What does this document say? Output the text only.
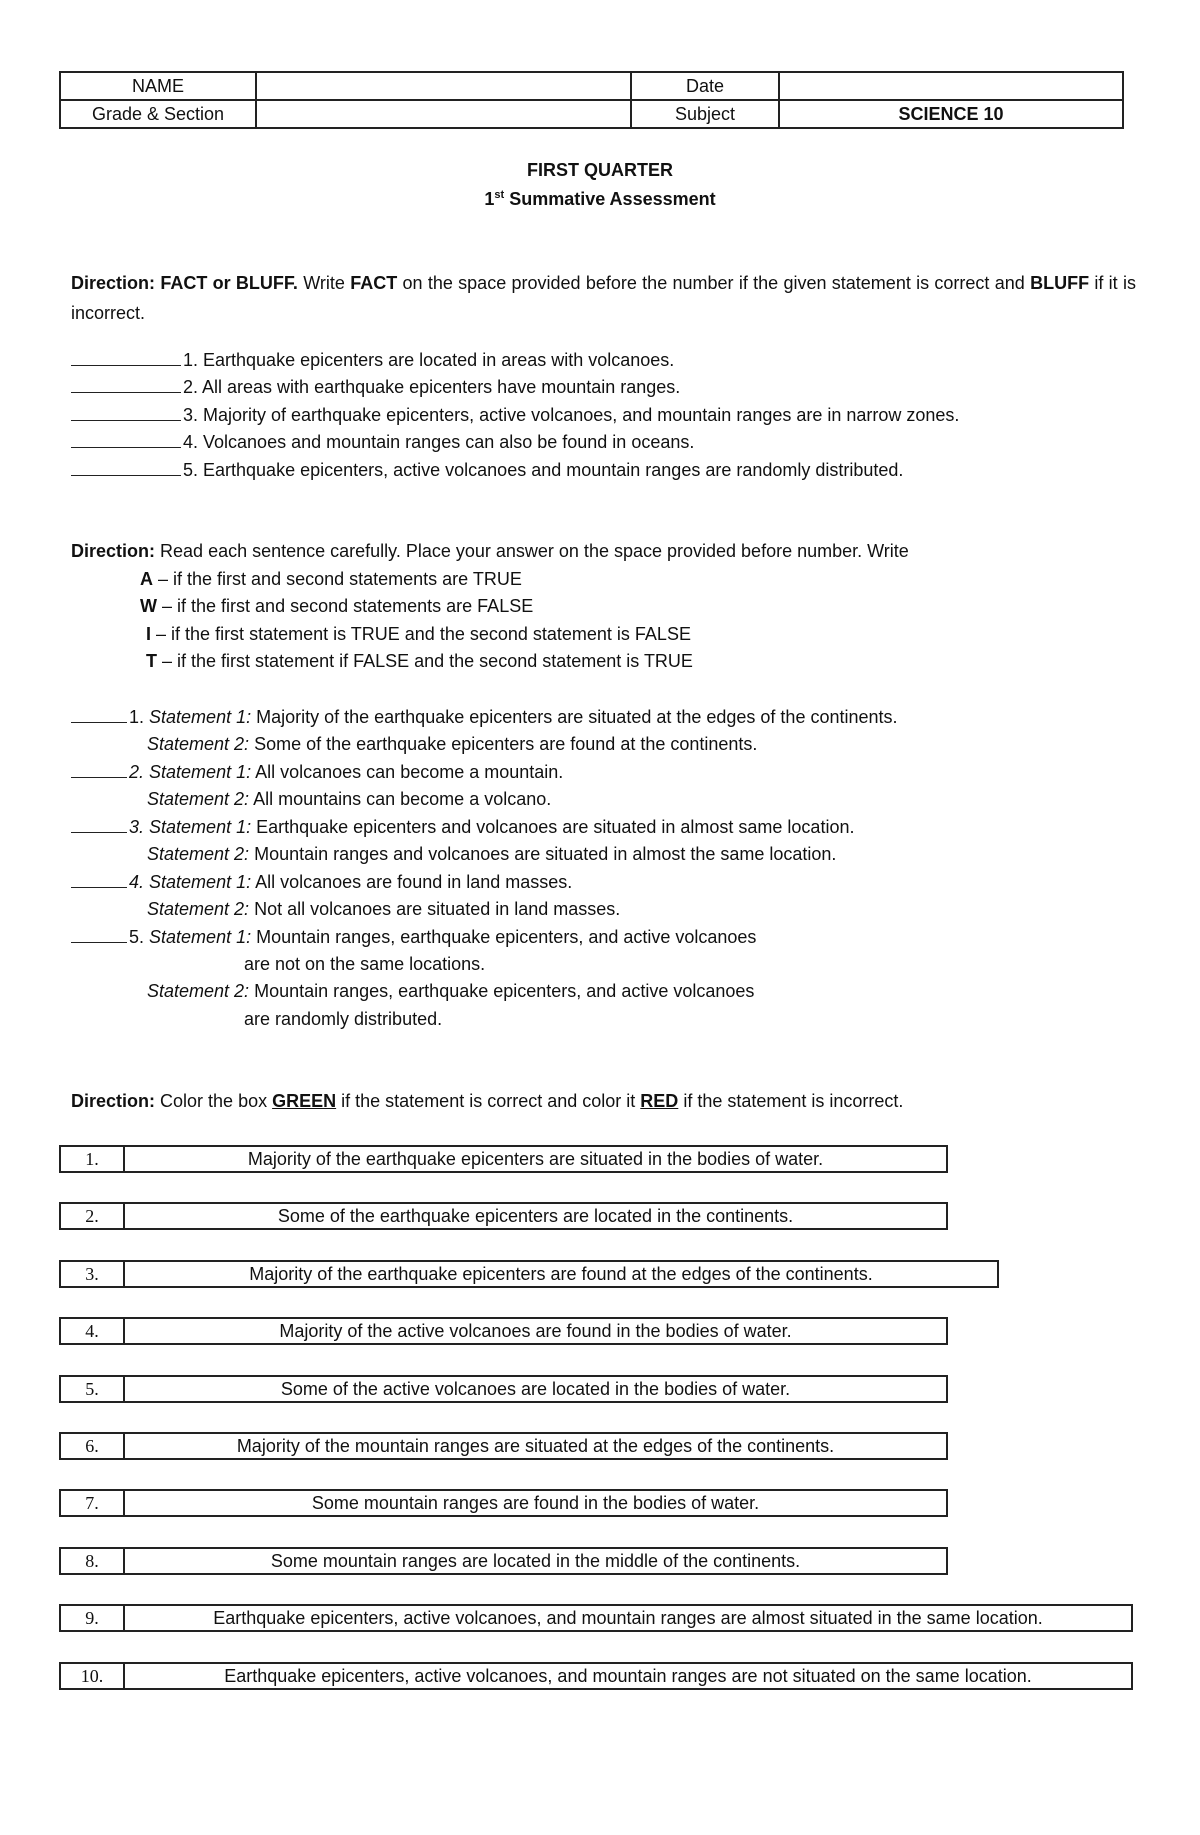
NAME		Date	
Grade & Section		Subject	SCIENCE 10
FIRST QUARTER
1st Summative Assessment
Direction: FACT or BLUFF. Write FACT on the space provided before the number if the given statement is correct and BLUFF if it is incorrect.
1. Earthquake epicenters are located in areas with volcanoes.
2. All areas with earthquake epicenters have mountain ranges.
3. Majority of earthquake epicenters, active volcanoes, and mountain ranges are in narrow zones.
4. Volcanoes and mountain ranges can also be found in oceans.
5. Earthquake epicenters, active volcanoes and mountain ranges are randomly distributed.
Direction: Read each sentence carefully. Place your answer on the space provided before number. Write
A – if the first and second statements are TRUE
W – if the first and second statements are FALSE
I – if the first statement is TRUE and the second statement is FALSE
T – if the first statement if FALSE and the second statement is TRUE
1. Statement 1: Majority of the earthquake epicenters are situated at the edges of the continents.
Statement 2: Some of the earthquake epicenters are found at the continents.
2. Statement 1: All volcanoes can become a mountain.
Statement 2: All mountains can become a volcano.
3. Statement 1: Earthquake epicenters and volcanoes are situated in almost same location.
Statement 2: Mountain ranges and volcanoes are situated in almost the same location.
4. Statement 1: All volcanoes are found in land masses.
Statement 2: Not all volcanoes are situated in land masses.
5. Statement 1: Mountain ranges, earthquake epicenters, and active volcanoes
are not on the same locations.
Statement 2: Mountain ranges, earthquake epicenters, and active volcanoes
are randomly distributed.
Direction: Color the box GREEN if the statement is correct and color it RED if the statement is incorrect.
1.	Majority of the earthquake epicenters are situated in the bodies of water.
2.	Some of the earthquake epicenters are located in the continents.
3.	Majority of the earthquake epicenters are found at the edges of the continents.
4.	Majority of the active volcanoes are found in the bodies of water.
5.	Some of the active volcanoes are located in the bodies of water.
6.	Majority of the mountain ranges are situated at the edges of the continents.
7.	Some mountain ranges are found in the bodies of water.
8.	Some mountain ranges are located in the middle of the continents.
9.	Earthquake epicenters, active volcanoes, and mountain ranges are almost situated in the same location.
10.	Earthquake epicenters, active volcanoes, and mountain ranges are not situated on the same location.
